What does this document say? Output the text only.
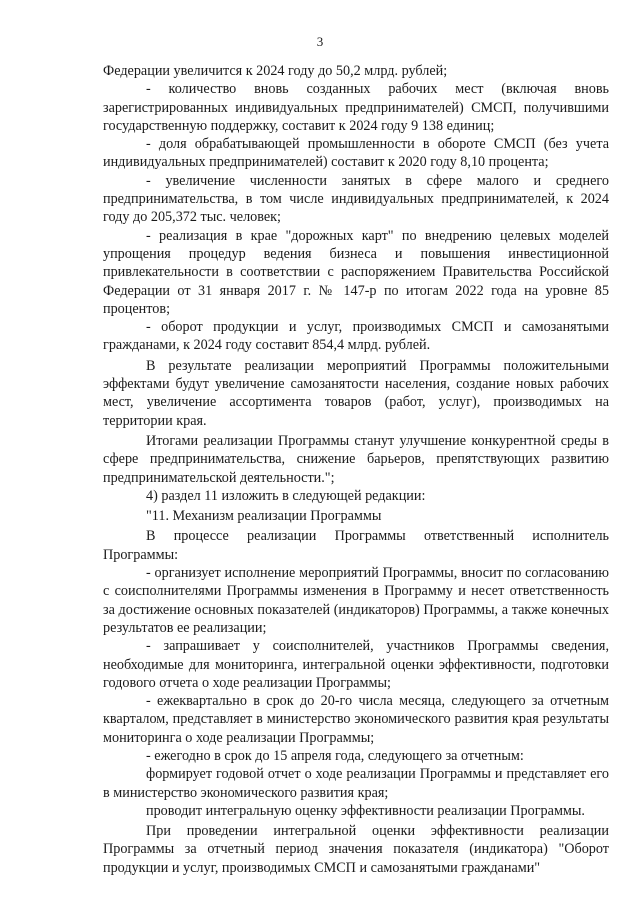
3

Федерации увеличится к 2024 году до 50,2 млрд. рублей;

- количество вновь созданных рабочих мест (включая вновь зарегистрированных индивидуальных предпринимателей) СМСП, получившими государственную поддержку, составит к 2024 году 9 138 единиц;

- доля обрабатывающей промышленности в обороте СМСП (без учета индивидуальных предпринимателей) составит к 2020 году 8,10 процента;

- увеличение численности занятых в сфере малого и среднего предпринимательства, в том числе индивидуальных предпринимателей, к 2024 году до 205,372 тыс. человек;

- реализация в крае "дорожных карт" по внедрению целевых моделей упрощения процедур ведения бизнеса и повышения инвестиционной привлекательности в соответствии с распоряжением Правительства Российской Федерации от 31 января 2017 г. № 147-р по итогам 2022 года на уровне 85 процентов;

- оборот продукции и услуг, производимых СМСП и самозанятыми гражданами, к 2024 году составит 854,4 млрд. рублей.

В результате реализации мероприятий Программы положительными эффектами будут увеличение самозанятости населения, создание новых рабочих мест, увеличение ассортимента товаров (работ, услуг), производимых на территории края.

Итогами реализации Программы станут улучшение конкурентной среды в сфере предпринимательства, снижение барьеров, препятствующих развитию предпринимательской деятельности.";

4) раздел 11 изложить в следующей редакции:

"11. Механизм реализации Программы

В процессе реализации Программы ответственный исполнитель Программы:

- организует исполнение мероприятий Программы, вносит по согласованию с соисполнителями Программы изменения в Программу и несет ответственность за достижение основных показателей (индикаторов) Программы, а также конечных результатов ее реализации;

- запрашивает у соисполнителей, участников Программы сведения, необходимые для мониторинга, интегральной оценки эффективности, подготовки годового отчета о ходе реализации Программы;

- ежеквартально в срок до 20-го числа месяца, следующего за отчетным кварталом, представляет в министерство экономического развития края результаты мониторинга о ходе реализации Программы;

- ежегодно в срок до 15 апреля года, следующего за отчетным:

формирует годовой отчет о ходе реализации Программы и представляет его в министерство экономического развития края;

проводит интегральную оценку эффективности реализации Программы.

При проведении интегральной оценки эффективности реализации Программы за отчетный период значения показателя (индикатора) "Оборот продукции и услуг, производимых СМСП и самозанятыми гражданами"
